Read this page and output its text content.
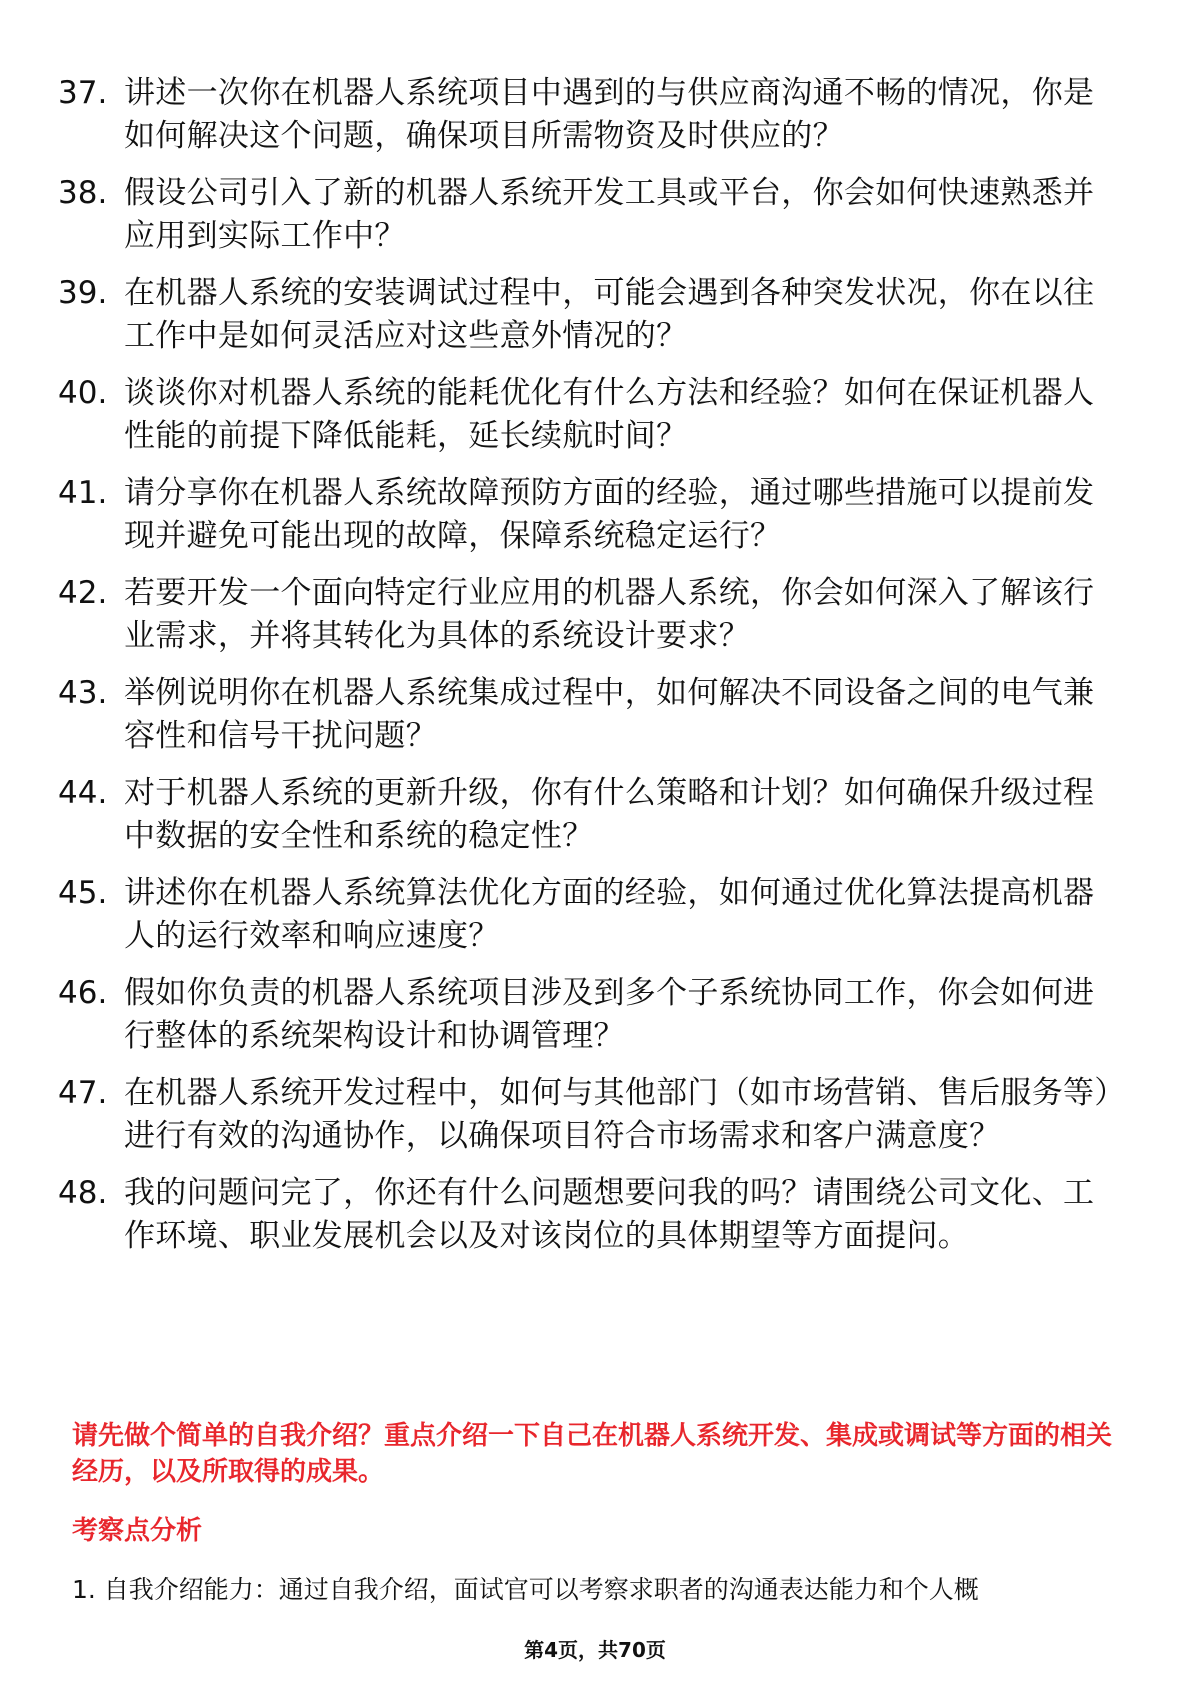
37. 讲述一次你在机器人系统项目中遇到的与供应商沟通不畅的情况，你是如何解决这个问题，确保项目所需物资及时供应的？
38. 假设公司引入了新的机器人系统开发工具或平台，你会如何快速熟悉并应用到实际工作中？
39. 在机器人系统的安装调试过程中，可能会遇到各种突发状况，你在以往工作中是如何灵活应对这些意外情况的？
40. 谈谈你对机器人系统的能耗优化有什么方法和经验？如何在保证机器人性能的前提下降低能耗，延长续航时间？
41. 请分享你在机器人系统故障预防方面的经验，通过哪些措施可以提前发现并避免可能出现的故障，保障系统稳定运行？
42. 若要开发一个面向特定行业应用的机器人系统，你会如何深入了解该行业需求，并将其转化为具体的系统设计要求？
43. 举例说明你在机器人系统集成过程中，如何解决不同设备之间的电气兼容性和信号干扰问题？
44. 对于机器人系统的更新升级，你有什么策略和计划？如何确保升级过程中数据的安全性和系统的稳定性？
45. 讲述你在机器人系统算法优化方面的经验，如何通过优化算法提高机器人的运行效率和响应速度？
46. 假如你负责的机器人系统项目涉及到多个子系统协同工作，你会如何进行整体的系统架构设计和协调管理？
47. 在机器人系统开发过程中，如何与其他部门（如市场营销、售后服务等）进行有效的沟通协作，以确保项目符合市场需求和客户满意度？
48. 我的问题问完了，你还有什么问题想要问我的吗？请围绕公司文化、工作环境、职业发展机会以及对该岗位的具体期望等方面提问。
请先做个简单的自我介绍？重点介绍一下自己在机器人系统开发、集成或调试等方面的相关经历，以及所取得的成果。
考察点分析
1. 自我介绍能力：通过自我介绍，面试官可以考察求职者的沟通表达能力和个人概
第4页，共70页
